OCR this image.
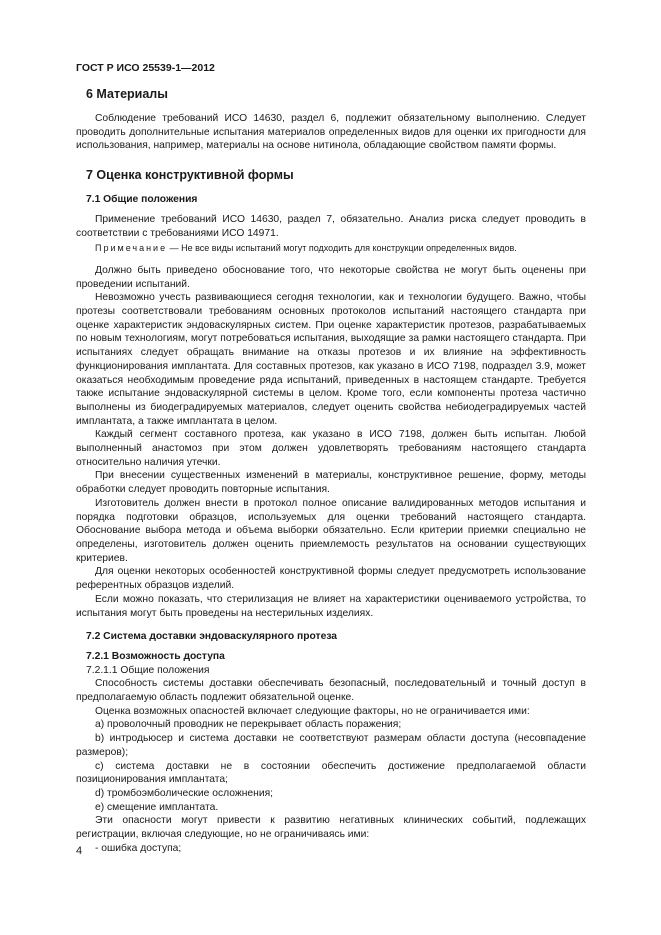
ГОСТ Р ИСО 25539-1—2012
6 Материалы

Соблюдение требований ИСО 14630, раздел 6, подлежит обязательному выполнению. Следует проводить дополнительные испытания материалов определенных видов для оценки их пригодности для использования, например, материалы на основе нитинола, обладающие свойством памяти формы.

7 Оценка конструктивной формы
7.1 Общие положения

Применение требований ИСО 14630, раздел 7, обязательно. Анализ риска следует проводить в соответствии с требованиями ИСО 14971.

Примечание — Не все виды испытаний могут подходить для конструкции определенных видов.

Должно быть приведено обоснование того, что некоторые свойства не могут быть оценены при проведении испытаний.

Невозможно учесть развивающиеся сегодня технологии, как и технологии будущего. Важно, чтобы протезы соответствовали требованиям основных протоколов испытаний настоящего стандарта при оценке характеристик эндоваскулярных систем. При оценке характеристик протезов, разрабатываемых по новым технологиям, могут потребоваться испытания, выходящие за рамки настоящего стандарта. При испытаниях следует обращать внимание на отказы протезов и их влияние на эффективность функционирования имплантата. Для составных протезов, как указано в ИСО 7198, подраздел 3.9, может оказаться необходимым проведение ряда испытаний, приведенных в настоящем стандарте. Требуется также испытание эндоваскулярной системы в целом. Кроме того, если компоненты протеза частично выполнены из биодеградируемых материалов, следует оценить свойства небиодеградируемых частей имплантата, а также имплантата в целом.

Каждый сегмент составного протеза, как указано в ИСО 7198, должен быть испытан. Любой выполненный анастомоз при этом должен удовлетворять требованиям настоящего стандарта относительно наличия утечки.

При внесении существенных изменений в материалы, конструктивное решение, форму, методы обработки следует проводить повторные испытания.

Изготовитель должен внести в протокол полное описание валидированных методов испытания и порядка подготовки образцов, используемых для оценки требований настоящего стандарта. Обоснование выбора метода и объема выборки обязательно. Если критерии приемки специально не определены, изготовитель должен оценить приемлемость результатов на основании существующих критериев.

Для оценки некоторых особенностей конструктивной формы следует предусмотреть использование референтных образцов изделий.

Если можно показать, что стерилизация не влияет на характеристики оцениваемого устройства, то испытания могут быть проведены на нестерильных изделиях.

7.2 Система доставки эндоваскулярного протеза
7.2.1 Возможность доступа
7.2.1.1 Общие положения

Способность системы доставки обеспечивать безопасный, последовательный и точный доступ в предполагаемую область подлежит обязательной оценке.

Оценка возможных опасностей включает следующие факторы, но не ограничивается ими:

а) проволочный проводник не перекрывает область поражения;

b) интродьюсер и система доставки не соответствуют размерам области доступа (несовпадение размеров);

с) система доставки не в состоянии обеспечить достижение предполагаемой области позиционирования имплантата;

d) тромбоэмболические осложнения;

e) смещение имплантата.

Эти опасности могут привести к развитию негативных клинических событий, подлежащих регистрации, включая следующие, но не ограничиваясь ими:

- ошибка доступа;
4
